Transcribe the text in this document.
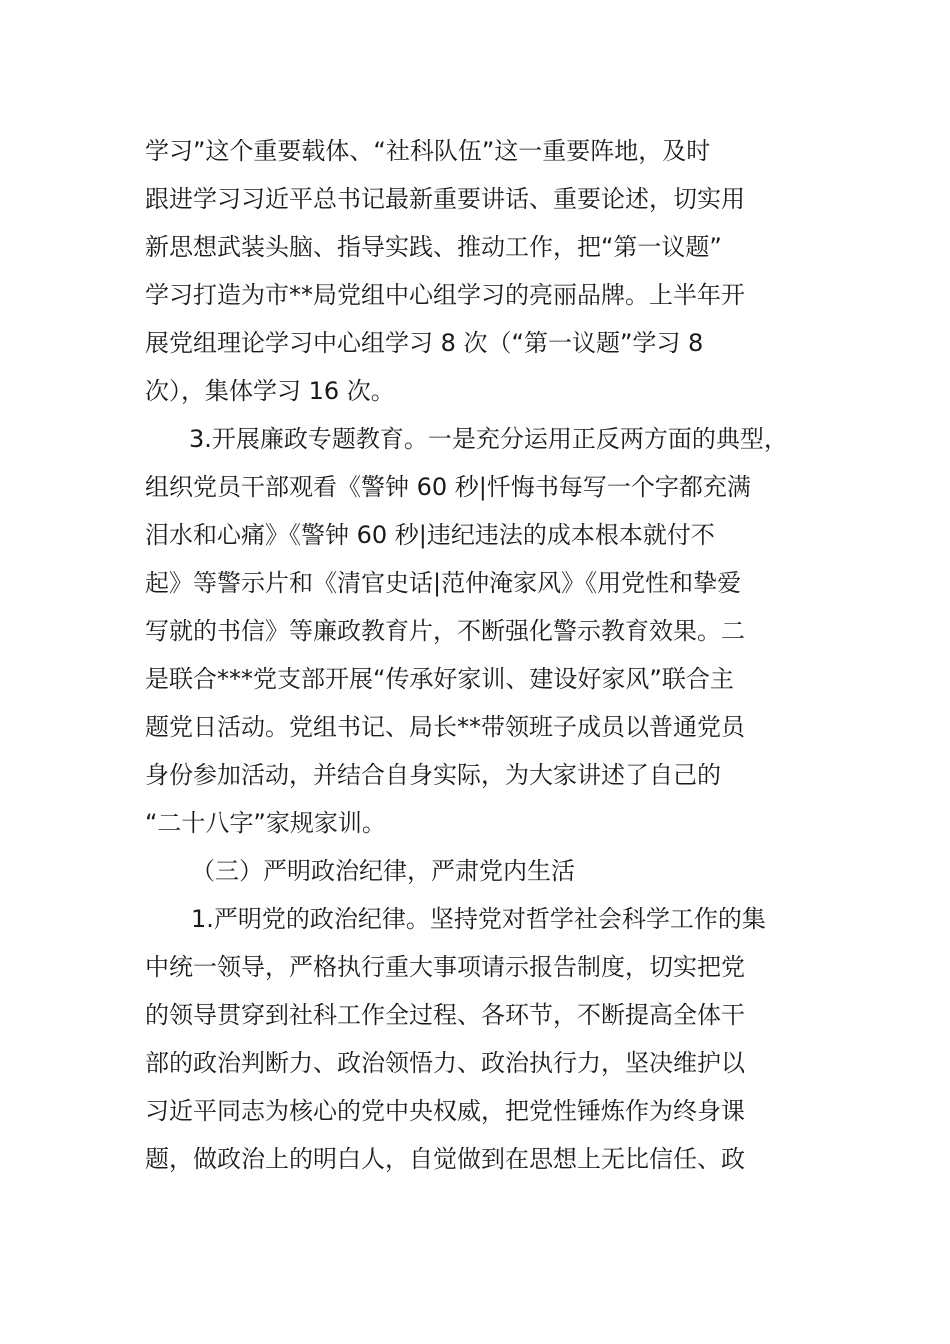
学习”这个重要载体、“社科队伍”这一重要阵地，及时
跟进学习习近平总书记最新重要讲话、重要论述，切实用
新思想武装头脑、指导实践、推动工作，把“第一议题”
学习打造为市**局党组中心组学习的亮丽品牌。上半年开
展党组理论学习中心组学习 8 次（“第一议题”学习 8
次），集体学习 16 次。
3.开展廉政专题教育。一是充分运用正反两方面的典型，
组织党员干部观看《警钟 60 秒|忏悔书每写一个字都充满
泪水和心痛》《警钟 60 秒|违纪违法的成本根本就付不
起》等警示片和《清官史话|范仲淹家风》《用党性和挚爱
写就的书信》等廉政教育片，不断强化警示教育效果。二
是联合***党支部开展“传承好家训、建设好家风”联合主
题党日活动。党组书记、局长**带领班子成员以普通党员
身份参加活动，并结合自身实际，为大家讲述了自己的
“二十八字”家规家训。
（三）严明政治纪律，严肃党内生活
1.严明党的政治纪律。坚持党对哲学社会科学工作的集
中统一领导，严格执行重大事项请示报告制度，切实把党
的领导贯穿到社科工作全过程、各环节，不断提高全体干
部的政治判断力、政治领悟力、政治执行力，坚决维护以
习近平同志为核心的党中央权威，把党性锤炼作为终身课
题，做政治上的明白人，自觉做到在思想上无比信任、政
